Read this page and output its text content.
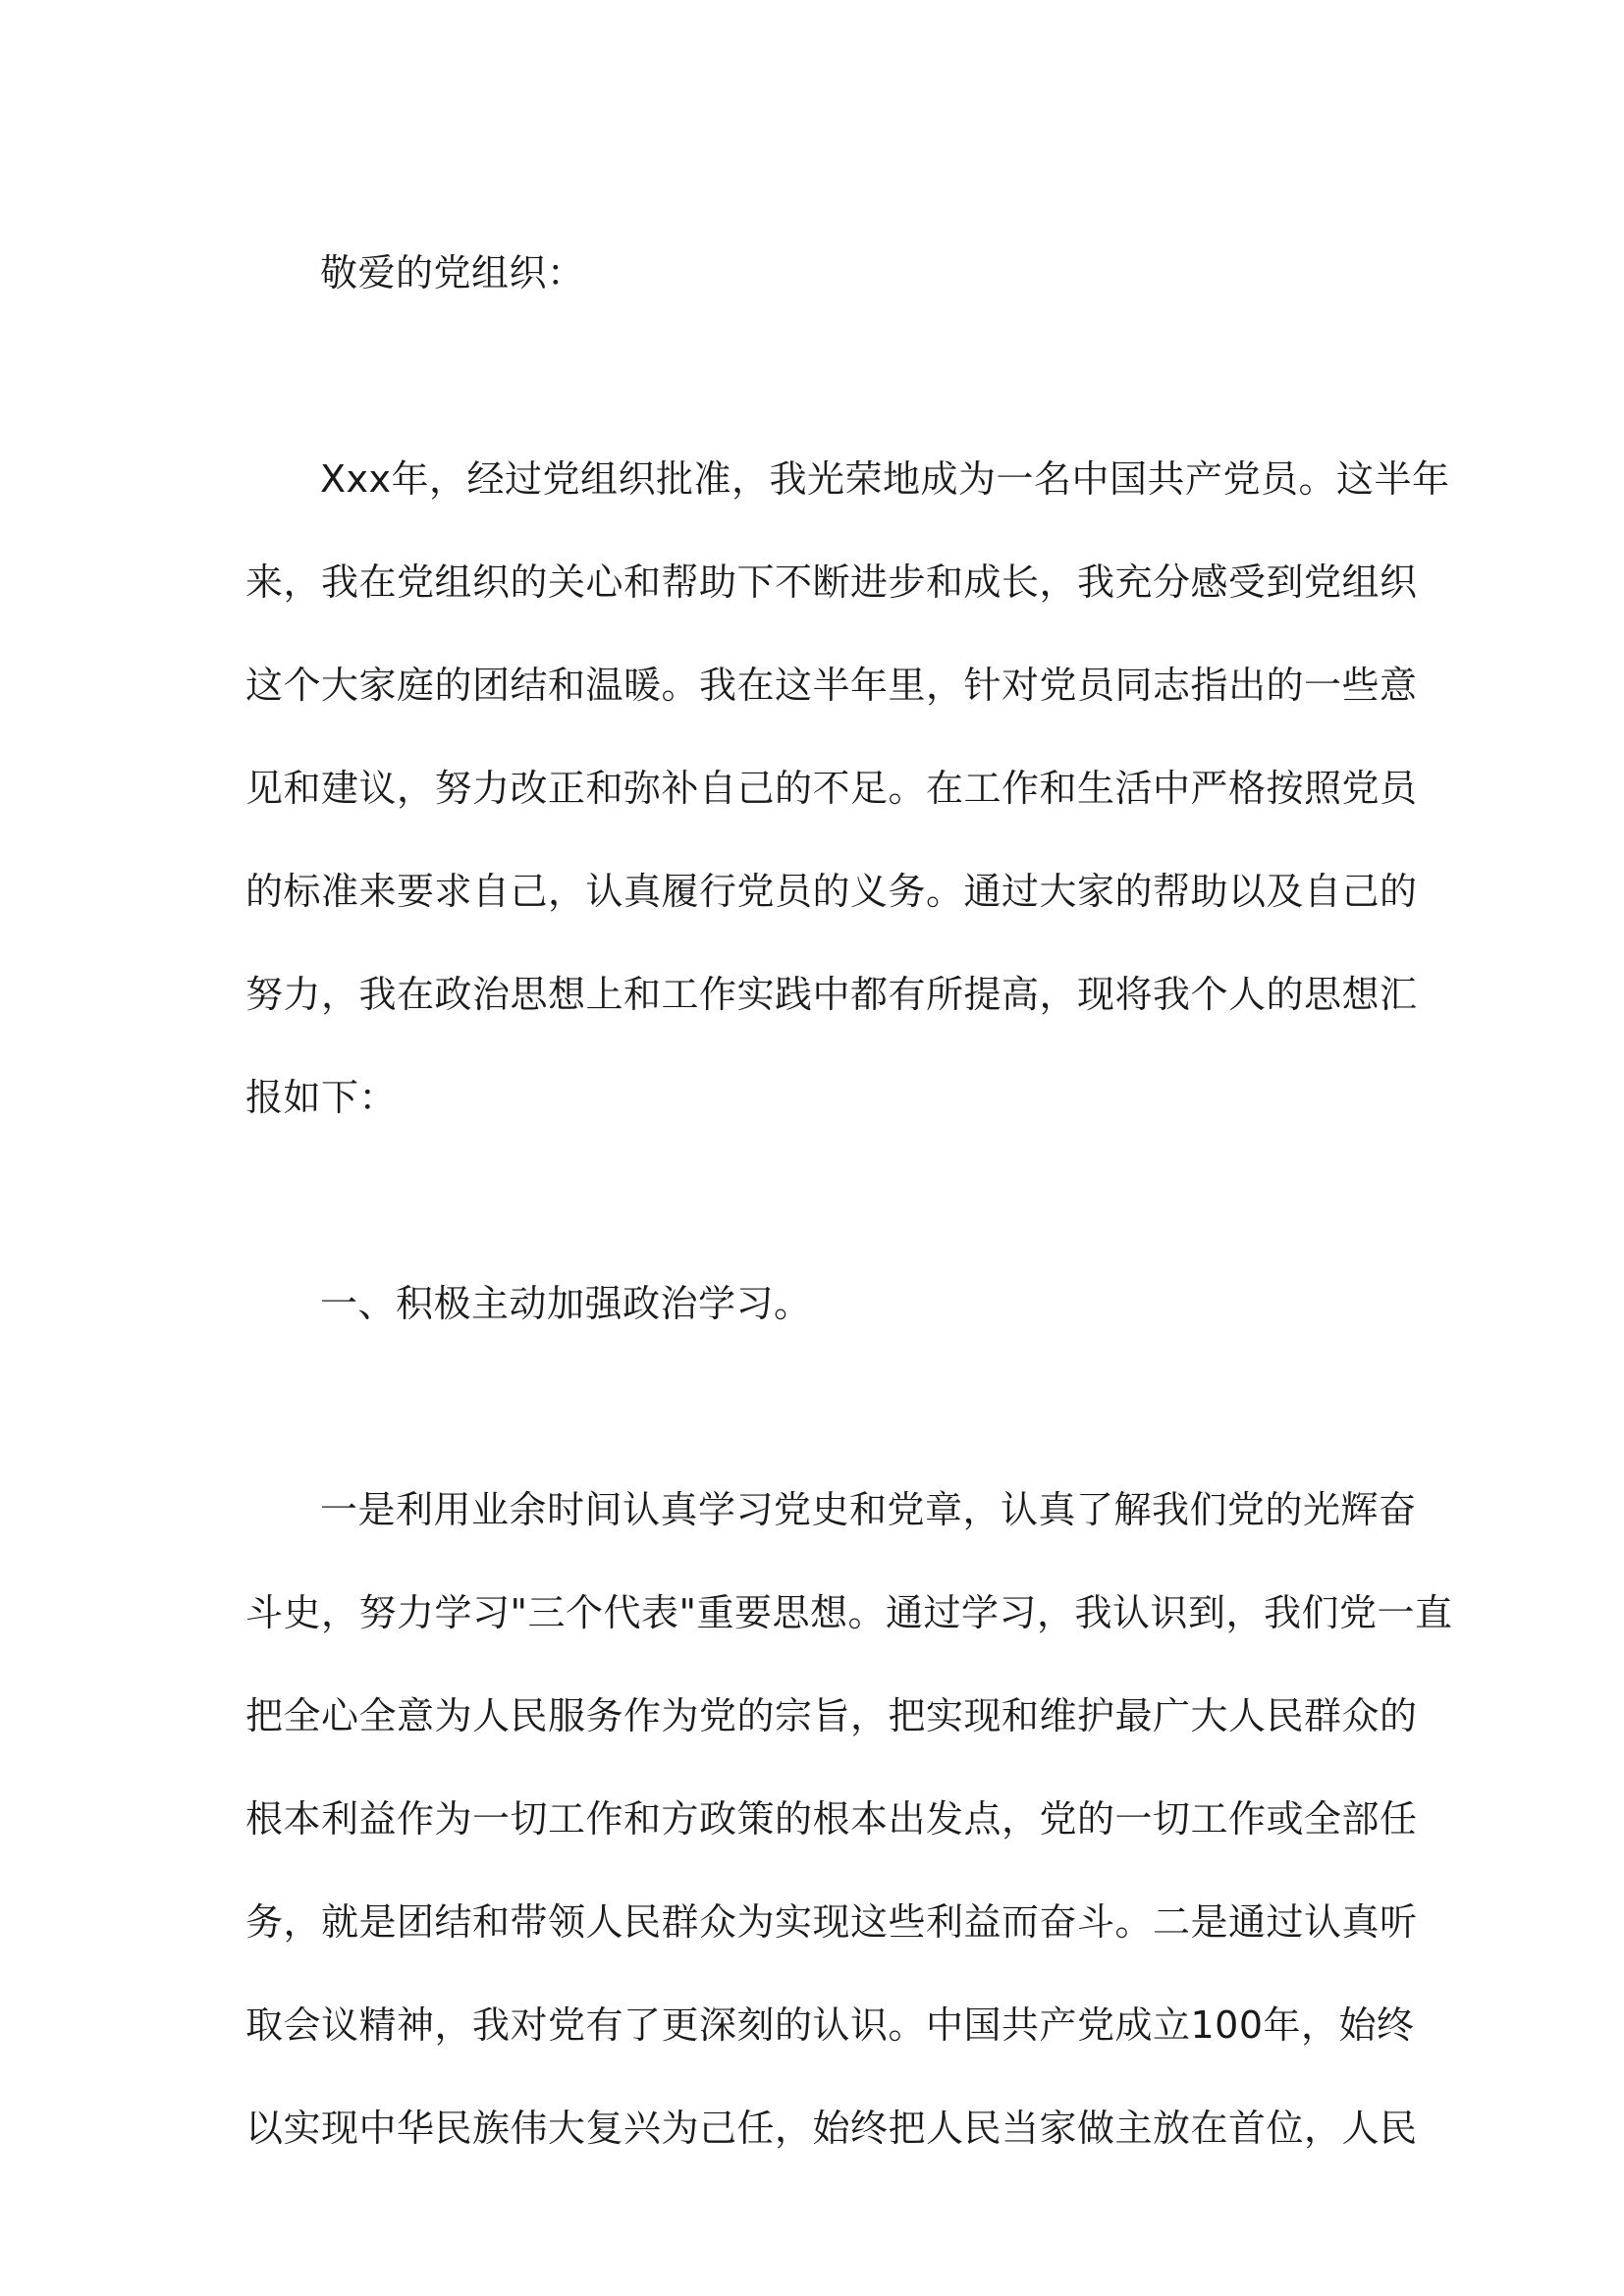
敬爱的党组织：
Xxx年，经过党组织批准，我光荣地成为一名中国共产党员。这半年
来，我在党组织的关心和帮助下不断进步和成长，我充分感受到党组织
这个大家庭的团结和温暖。我在这半年里，针对党员同志指出的一些意
见和建议，努力改正和弥补自己的不足。在工作和生活中严格按照党员
的标准来要求自己，认真履行党员的义务。通过大家的帮助以及自己的
努力，我在政治思想上和工作实践中都有所提高，现将我个人的思想汇
报如下：
一、积极主动加强政治学习。
一是利用业余时间认真学习党史和党章，认真了解我们党的光辉奋
斗史，努力学习"三个代表"重要思想。通过学习，我认识到，我们党一直
把全心全意为人民服务作为党的宗旨，把实现和维护最广大人民群众的
根本利益作为一切工作和方政策的根本出发点，党的一切工作或全部任
务，就是团结和带领人民群众为实现这些利益而奋斗。二是通过认真听
取会议精神，我对党有了更深刻的认识。中国共产党成立100年，始终
以实现中华民族伟大复兴为己任，始终把人民当家做主放在首位，人民
